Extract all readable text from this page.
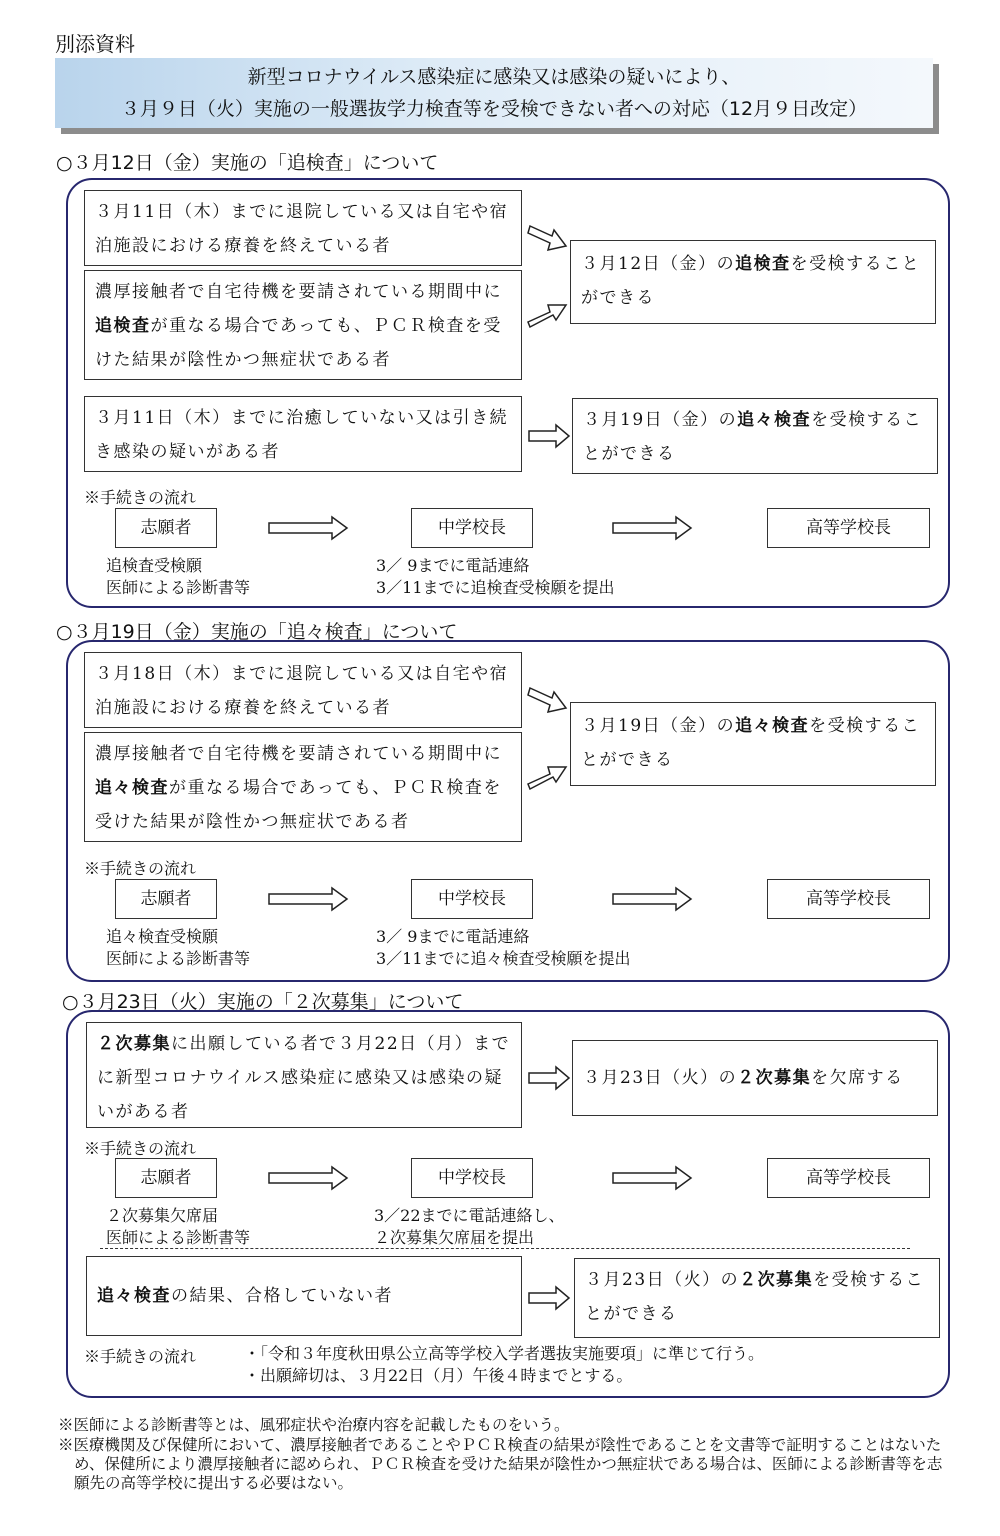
別添資料
新型コロナウイルス感染症に感染又は感染の疑いにより、
３月９日（火）実施の一般選抜学力検査等を受検できない者への対応（12月９日改定）
○３月12日（金）実施の「追検査」について
３月11日（木）までに退院している又は自宅や宿泊施設における療養を終えている者
濃厚接触者で自宅待機を要請されている期間中に追検査が重なる場合であっても、ＰＣＲ検査を受けた結果が陰性かつ無症状である者
３月12日（金）の追検査を受検することができる
３月11日（木）までに治癒していない又は引き続き感染の疑いがある者
３月19日（金）の追々検査を受検することができる
※手続きの流れ
志願者	中学校長	高等学校長
追検査受検願
医師による診断書等
3／ 9までに電話連絡
3／11までに追検査受検願を提出
○３月19日（金）実施の「追々検査」について
３月18日（木）までに退院している又は自宅や宿泊施設における療養を終えている者
濃厚接触者で自宅待機を要請されている期間中に追々検査が重なる場合であっても、ＰＣＲ検査を受けた結果が陰性かつ無症状である者
３月19日（金）の追々検査を受検することができる
※手続きの流れ
志願者	中学校長	高等学校長
追々検査受検願
医師による診断書等
3／ 9までに電話連絡
3／11までに追々検査受検願を提出
○３月23日（火）実施の「２次募集」について
２次募集に出願している者で３月22日（月）までに新型コロナウイルス感染症に感染又は感染の疑いがある者
３月23日（火）の２次募集を欠席する
※手続きの流れ
志願者	中学校長	高等学校長
２次募集欠席届
医師による診断書等
3／22までに電話連絡し、
２次募集欠席届を提出
追々検査の結果、合格していない者
３月23日（火）の２次募集を受検することができる
※手続きの流れ	・「令和３年度秋田県公立高等学校入学者選抜実施要項」に準じて行う。
・出願締切は、３月22日（月）午後４時までとする。
※医師による診断書等とは、風邪症状や治療内容を記載したものをいう。
※医療機関及び保健所において、濃厚接触者であることやＰＣＲ検査の結果が陰性であることを文書等で証明することはないため、保健所により濃厚接触者に認められ、ＰＣＲ検査を受けた結果が陰性かつ無症状である場合は、医師による診断書等を志願先の高等学校に提出する必要はない。
